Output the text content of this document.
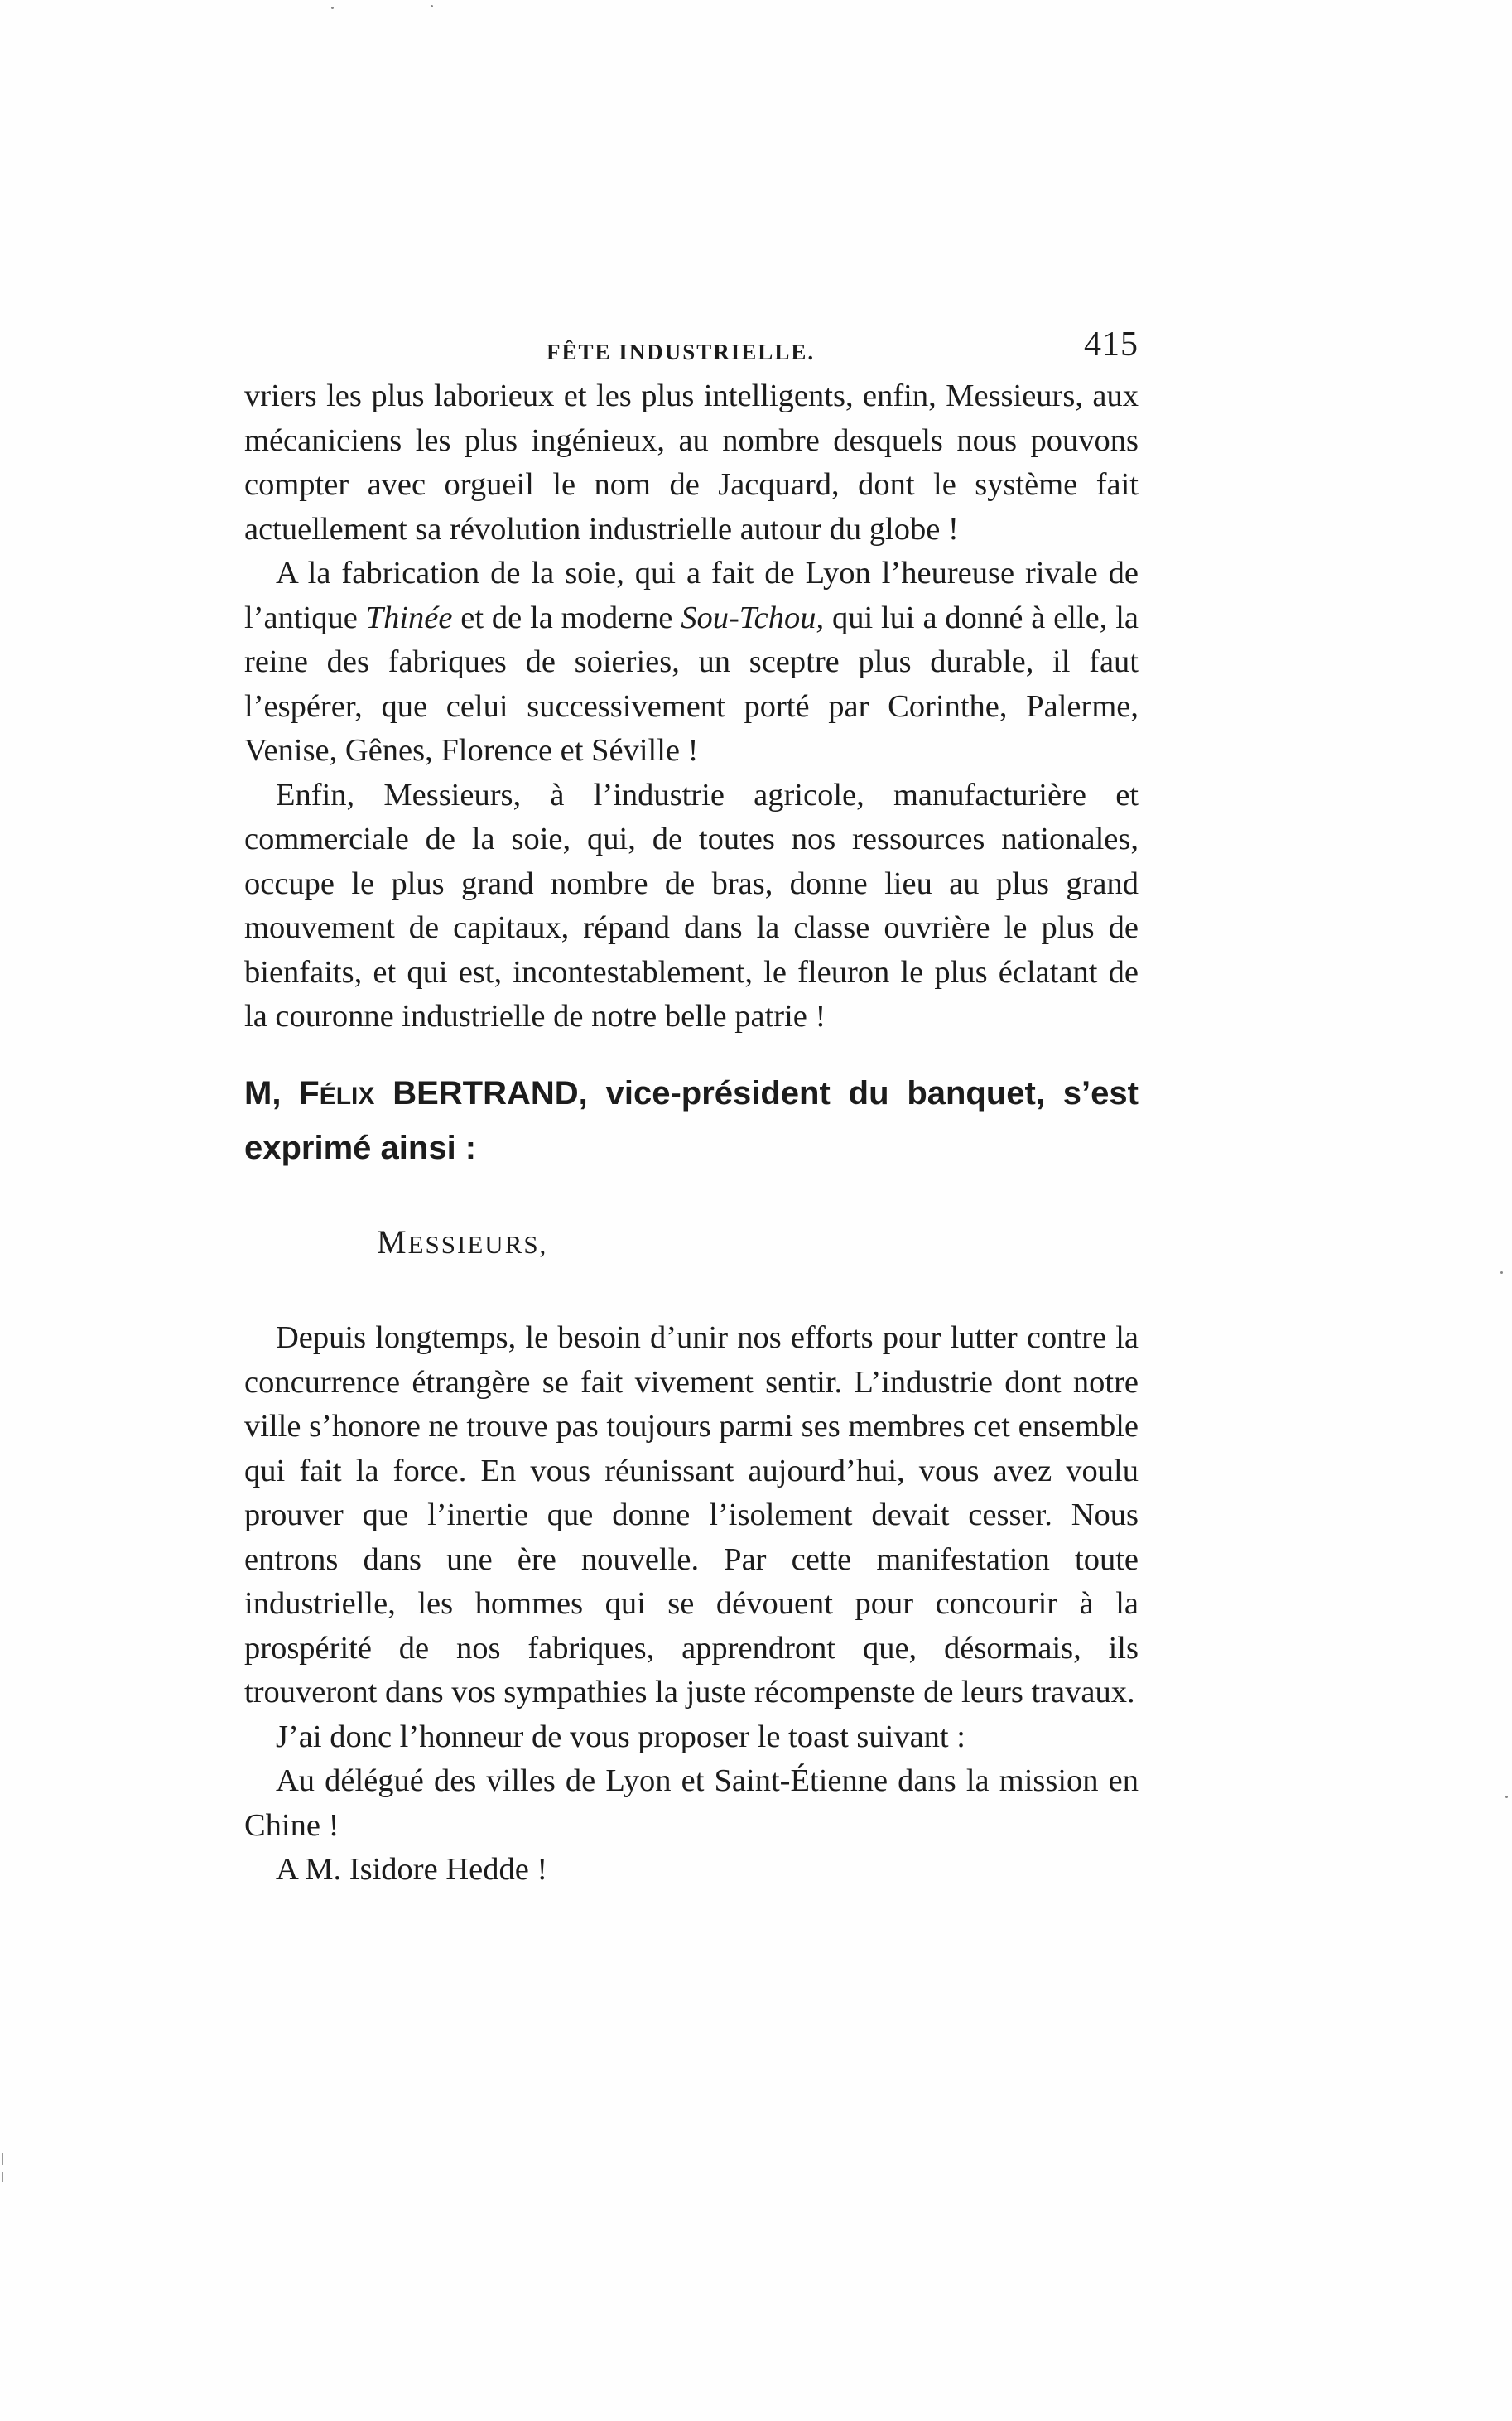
FÊTE INDUSTRIELLE.	415

vriers les plus laborieux et les plus intelligents, enfin, Messieurs, aux mécaniciens les plus ingénieux, au nombre desquels nous pouvons compter avec orgueil le nom de Jacquard, dont le système fait actuellement sa révolution industrielle autour du globe !

A la fabrication de la soie, qui a fait de Lyon l’heureuse rivale de l’antique Thinée et de la moderne Sou-Tchou, qui lui a donné à elle, la reine des fabriques de soieries, un sceptre plus durable, il faut l’espérer, que celui successivement porté par Corinthe, Palerme, Venise, Gênes, Florence et Séville !

Enfin, Messieurs, à l’industrie agricole, manufacturière et commerciale de la soie, qui, de toutes nos ressources nationales, occupe le plus grand nombre de bras, donne lieu au plus grand mouvement de capitaux, répand dans la classe ouvrière le plus de bienfaits, et qui est, incontestablement, le fleuron le plus éclatant de la couronne industrielle de notre belle patrie !

M, FÉLIX BERTRAND, vice-président du banquet, s’est exprimé ainsi :

MESSIEURS,

Depuis longtemps, le besoin d’unir nos efforts pour lutter contre la concurrence étrangère se fait vivement sentir. L’industrie dont notre ville s’honore ne trouve pas toujours parmi ses membres cet ensemble qui fait la force. En vous réunissant aujourd’hui, vous avez voulu prouver que l’inertie que donne l’isolement devait cesser. Nous entrons dans une ère nouvelle. Par cette manifestation toute industrielle, les hommes qui se dévouent pour concourir à la prospérité de nos fabriques, apprendront que, désormais, ils trouveront dans vos sympathies la juste récompenste de leurs travaux.

J’ai donc l’honneur de vous proposer le toast suivant :

Au délégué des villes de Lyon et Saint-Étienne dans la mission en Chine !

A M. Isidore Hedde !
